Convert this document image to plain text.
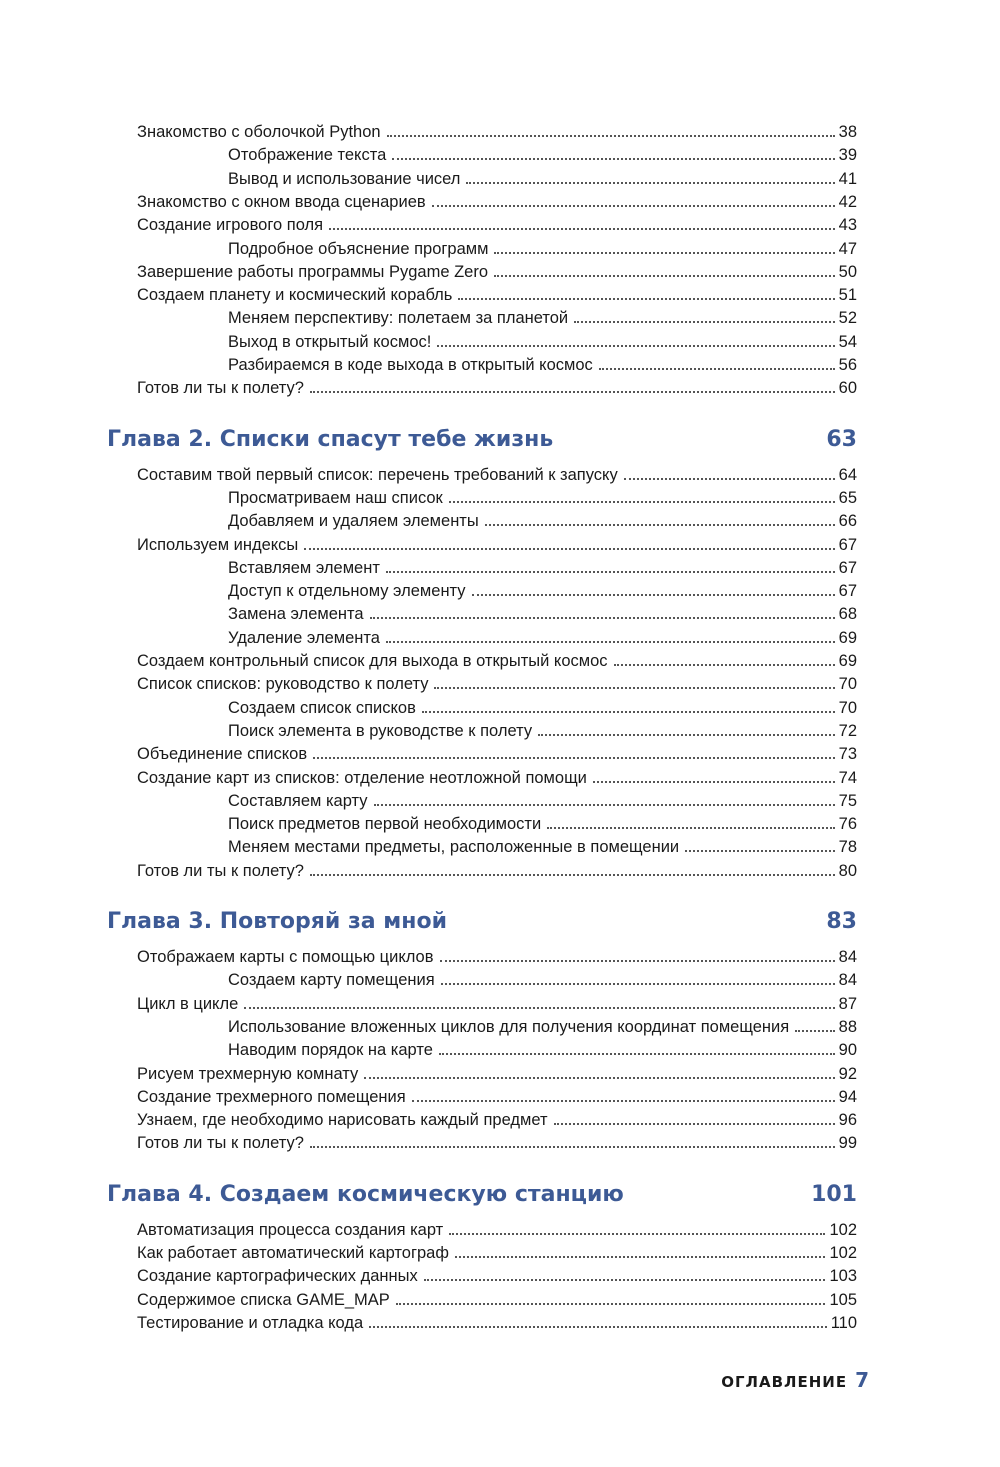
Знакомство с оболочкой Python	38
Отображение текста	39
Вывод и использование чисел	41
Знакомство с окном ввода сценариев	42
Создание игрового поля	43
Подробное объяснение программ	47
Завершение работы программы Pygame Zero	50
Создаем планету и космический корабль	51
Меняем перспективу: полетаем за планетой	52
Выход в открытый космос!	54
Разбираемся в коде выхода в открытый космос	56
Готов ли ты к полету?	60
Глава 2. Списки спасут тебе жизнь	63
Составим твой первый список: перечень требований к запуску	64
Просматриваем наш список	65
Добавляем и удаляем элементы	66
Используем индексы	67
Вставляем элемент	67
Доступ к отдельному элементу	67
Замена элемента	68
Удаление элемента	69
Создаем контрольный список для выхода в открытый космос	69
Список списков: руководство к полету	70
Создаем список списков	70
Поиск элемента в руководстве к полету	72
Объединение списков	73
Создание карт из списков: отделение неотложной помощи	74
Составляем карту	75
Поиск предметов первой необходимости	76
Меняем местами предметы, расположенные в помещении	78
Готов ли ты к полету?	80
Глава 3. Повторяй за мной	83
Отображаем карты с помощью циклов	84
Создаем карту помещения	84
Цикл в цикле	87
Использование вложенных циклов для получения координат помещения	88
Наводим порядок на карте	90
Рисуем трехмерную комнату	92
Создание трехмерного помещения	94
Узнаем, где необходимо нарисовать каждый предмет	96
Готов ли ты к полету?	99
Глава 4. Создаем космическую станцию	101
Автоматизация процесса создания карт	102
Как работает автоматический картограф	102
Создание картографических данных	103
Содержимое списка GAME_MAP	105
Тестирование и отладка кода	110
ОГЛАВЛЕНИЕ 7
